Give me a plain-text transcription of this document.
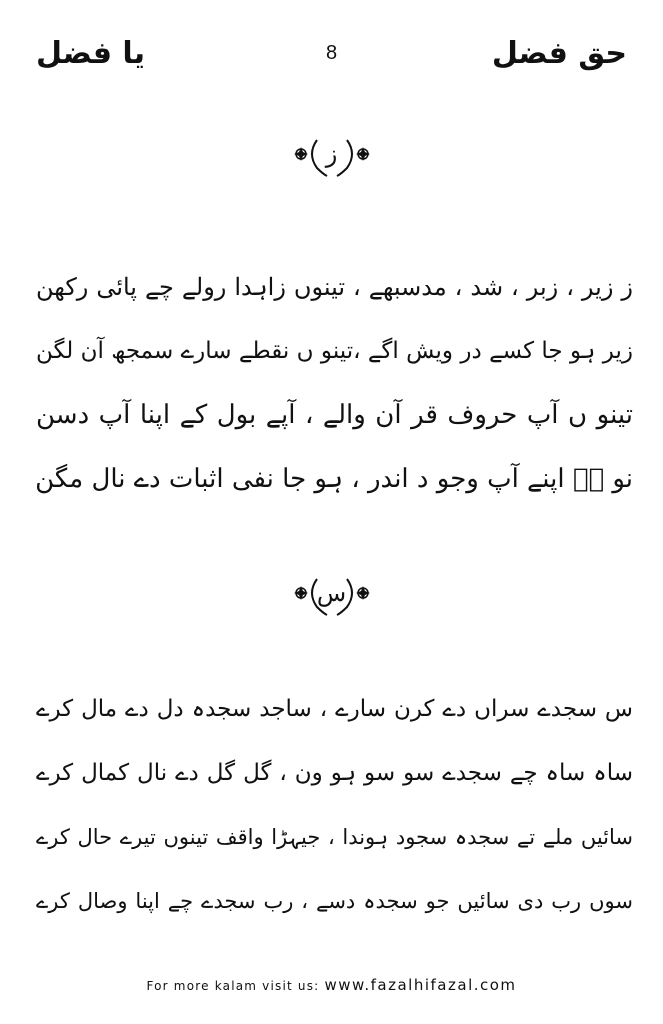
حق فضل
8
یا فضل
ز
ز زیر ، زبر ، شد ، مدسبھے ، تینوں زاہدا رولے چے پائی رکھن
زیر ہو جا کسے در ویش اگے ،تینو ں نقطے سارے سمجھ آن لگن
تینو ں آپ حروف قر آن والے ، آپے بول کے اپنا آپ دسن
نو رؔ اپنے آپ وجو د اندر ، ہو جا نفی اثبات دے نال مگن
س
س سجدے سراں دے کرن سارے ، ساجد سجدہ دل دے مال کرے
ساہ ساہ چے سجدے سو سو ہو ون ، گل گل دے نال کمال کرے
سائیں ملے تے سجدہ سجود ہوندا ، جیہڑا واقف تینوں تیرے حال کرے
سوں رب دی سائیں جو سجدہ دسے ، رب سجدے چے اپنا وصال کرے
For more kalam visit us: www.fazalhifazal.com
